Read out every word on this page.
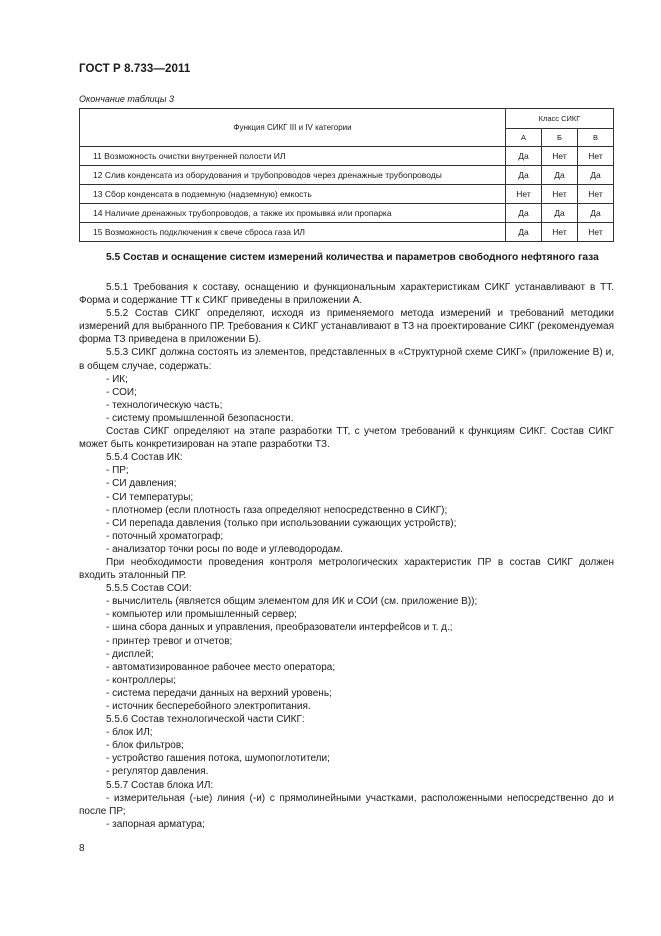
ГОСТ Р 8.733—2011
Окончание таблицы 3
Функция СИКГ III и IV категории	Класс СИКГ		
	А	Б	В
11 Возможность очистки внутренней полости ИЛ	Да	Нет	Нет
12 Слив конденсата из оборудования и трубопроводов через дренажные трубопроводы	Да	Да	Да
13 Сбор конденсата в подземную (надземную) емкость	Нет	Нет	Нет
14 Наличие дренажных трубопроводов, а также их промывка или пропарка	Да	Да	Да
15 Возможность подключения к свече сброса газа ИЛ	Да	Нет	Нет
5.5 Состав и оснащение систем измерений количества и параметров свободного нефтяного газа

5.5.1 Требования к составу, оснащению и функциональным характеристикам СИКГ устанавливают в ТТ. Форма и содержание ТТ к СИКГ приведены в приложении А.

5.5.2 Состав СИКГ определяют, исходя из применяемого метода измерений и требований методики измерений для выбранного ПР. Требования к СИКГ устанавливают в ТЗ на проектирование СИКГ (рекомендуемая форма ТЗ приведена в приложении Б).

5.5.3 СИКГ должна состоять из элементов, представленных в «Структурной схеме СИКГ» (приложение В) и, в общем случае, содержать:

- ИК;

- СОИ;

- технологическую часть;

- систему промышленной безопасности.

Состав СИКГ определяют на этапе разработки ТТ, с учетом требований к функциям СИКГ. Состав СИКГ может быть конкретизирован на этапе разработки ТЗ.

5.5.4 Состав ИК:

- ПР;

- СИ давления;

- СИ температуры;

- плотномер (если плотность газа определяют непосредственно в СИКГ);

- СИ перепада давления (только при использовании сужающих устройств);

- поточный хроматограф;

- анализатор точки росы по воде и углеводородам.

При необходимости проведения контроля метрологических характеристик ПР в состав СИКГ должен входить эталонный ПР.

5.5.5 Состав СОИ:

- вычислитель (является общим элементом для ИК и СОИ (см. приложение В));

- компьютер или промышленный сервер;

- шина сбора данных и управления, преобразователи интерфейсов и т. д.;

- принтер тревог и отчетов;

- дисплей;

- автоматизированное рабочее место оператора;

- контроллеры;

- система передачи данных на верхний уровень;

- источник бесперебойного электропитания.

5.5.6 Состав технологической части СИКГ:

- блок ИЛ;

- блок фильтров;

- устройство гашения потока, шумопоглотители;

- регулятор давления.

5.5.7 Состав блока ИЛ:

- измерительная (-ые) линия (-и) с прямолинейными участками, расположенными непосредственно до и после ПР;

- запорная арматура;

8
